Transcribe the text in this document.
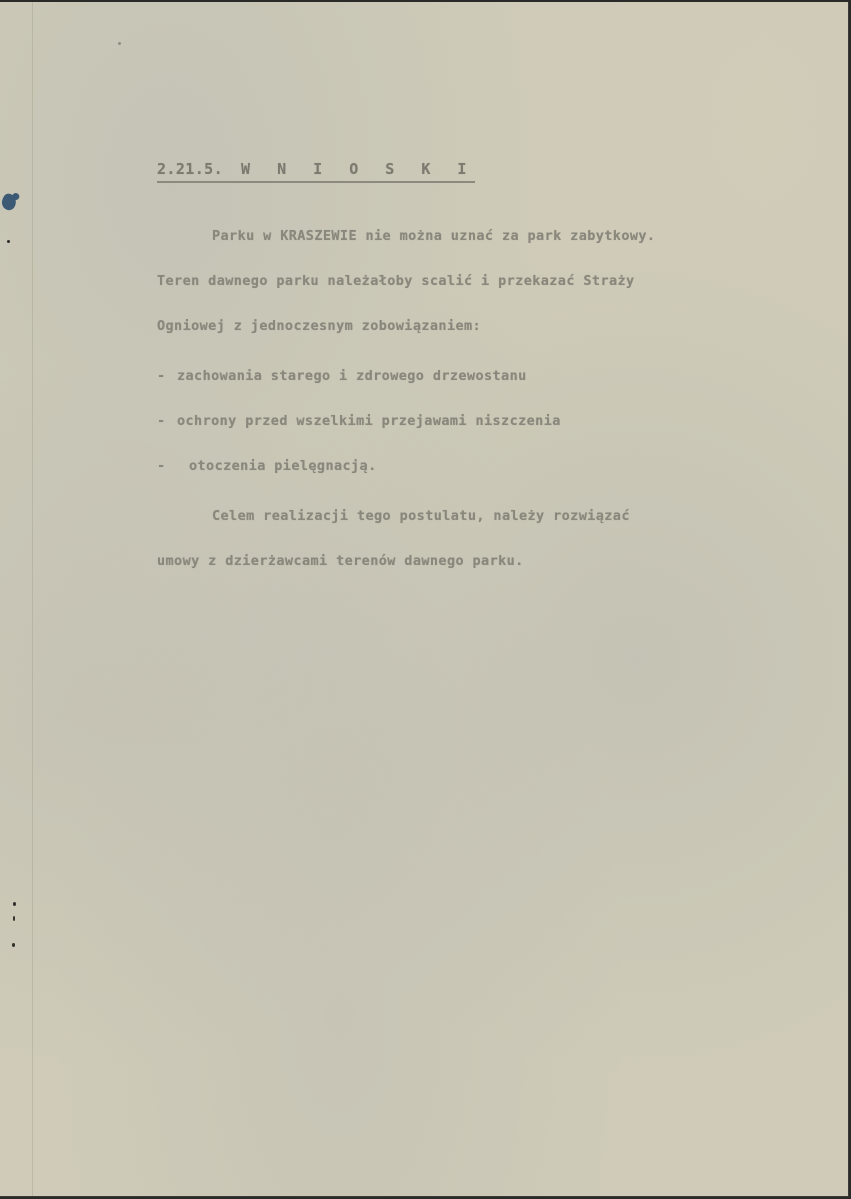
2.21.5. W N I O S K I
Parku w KRASZEWIE nie można uznać za park zabytkowy.
Teren dawnego parku należałoby scalić i przekazać Straży
Ogniowej z jednoczesnym zobowiązaniem:
- zachowania starego i zdrowego drzewostanu
- ochrony przed wszelkimi przejawami niszczenia
- otoczenia pielęgnacją.
Celem realizacji tego postulatu, należy rozwiązać
umowy z dzierżawcami terenów dawnego parku.
